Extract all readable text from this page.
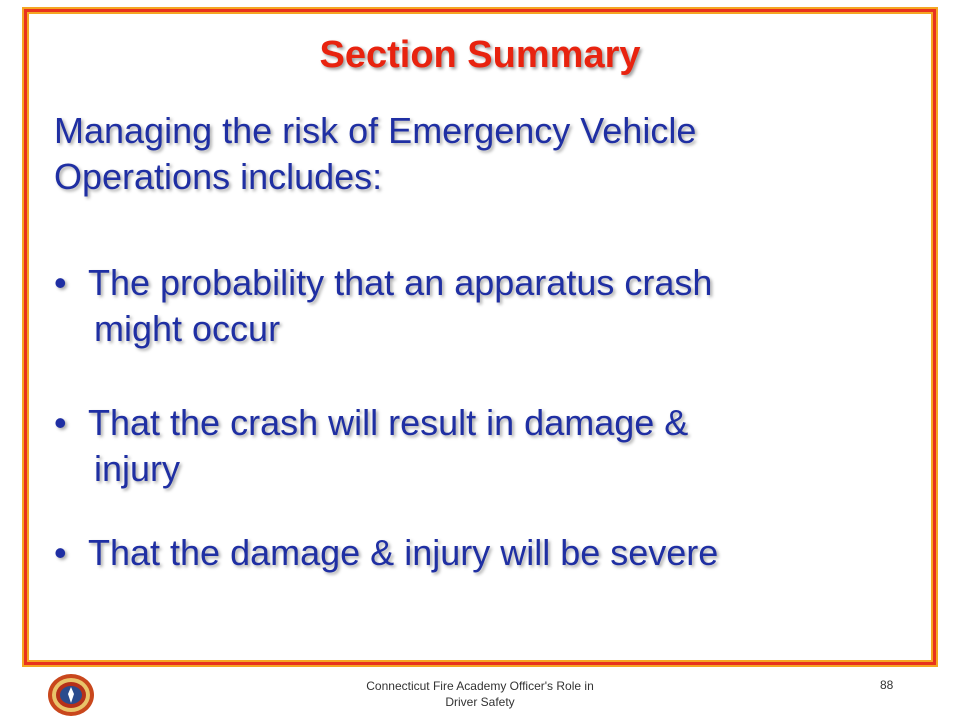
Section Summary
Managing the risk of Emergency Vehicle
Operations includes:
• The probability that an apparatus crash
might occur
• That the crash will result in damage &
injury
• That the damage & injury will be severe
Connecticut Fire Academy Officer's Role in
Driver Safety
88
